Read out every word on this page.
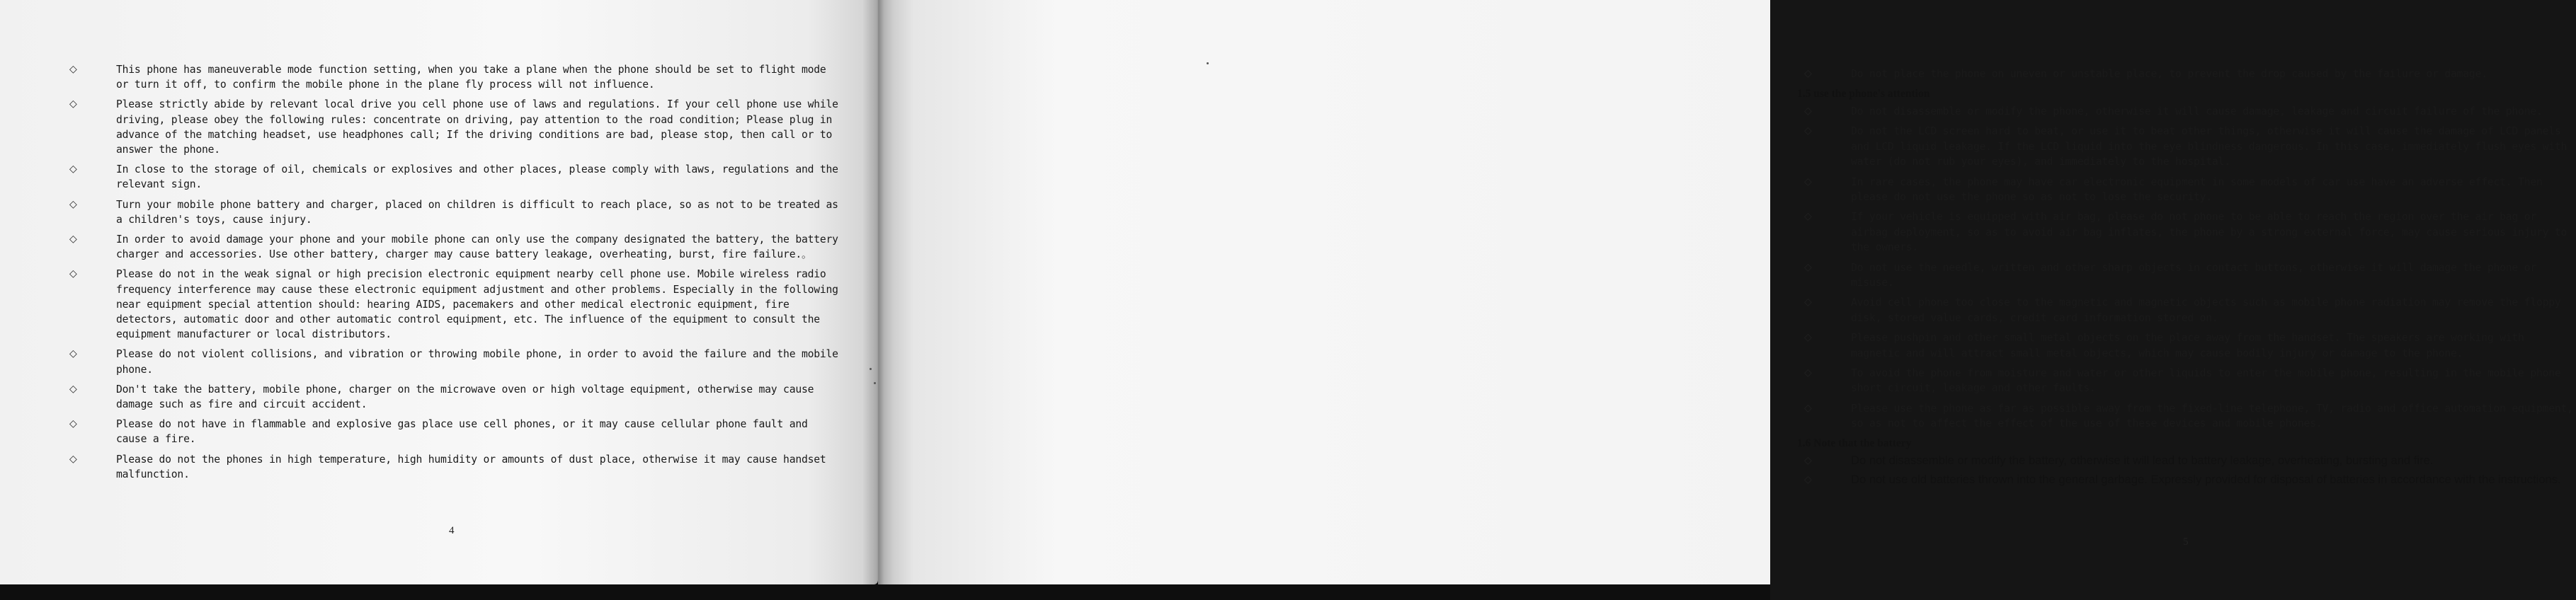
◇	This phone has maneuverable mode function setting, when you take a plane when the phone should be set to flight mode or turn it off, to confirm the mobile phone in the plane fly process will not influence.
◇	Please strictly abide by relevant local drive you cell phone use of laws and regulations. If your cell phone use while driving, please obey the following rules: concentrate on driving, pay attention to the road condition; Please plug in advance of the matching headset, use headphones call; If the driving conditions are bad, please stop, then call or to answer the phone.
◇	In close to the storage of oil, chemicals or explosives and other places, please comply with laws, regulations and the relevant sign.
◇	Turn your mobile phone battery and charger, placed on children is difficult to reach place, so as not to be treated as a children's toys, cause injury.
◇	In order to avoid damage your phone and your mobile phone can only use the company designated the battery, the battery charger and accessories. Use other battery, charger may cause battery leakage, overheating, burst, fire failure.。
◇	Please do not in the weak signal or high precision electronic equipment nearby cell phone use. Mobile wireless radio frequency interference may cause these electronic equipment adjustment and other problems. Especially in the following near equipment special attention should: hearing AIDS, pacemakers and other medical electronic equipment, fire detectors, automatic door and other automatic control equipment, etc. The influence of the equipment to consult the equipment manufacturer or local distributors.
◇	Please do not violent collisions, and vibration or throwing mobile phone, in order to avoid the failure and the mobile phone.
◇	Don't take the battery, mobile phone, charger on the microwave oven or high voltage equipment, otherwise may cause damage such as fire and circuit accident.
◇	Please do not have in flammable and explosive gas place use cell phones, or it may cause cellular phone fault and cause a fire.
◇	Please do not the phones in high temperature, high humidity or amounts of dust place, otherwise it may cause handset malfunction.
4
◇	Do not place the phone on uneven or unstable place, to prevent the drop caused by the failure or damage.
1.5 use the phone's attention
◇	Do not disassemble or modify the phone, otherwise it will cause damage, leakage and circuit failure of the phone.
◇	Do not the LCD screen hard to beat, or use it to beat other things, otherwise it will cause the damage of LCD panels and LCD liquid leakage. If the LCD liquid into the eye blindness dangerous. In this case, immediately flush eyes with water (do not rub your eyes), and immediately to the hospital.
◇	In rare cases, the phone may have car electronic equipment in some models of car use have an adverse effect. Then please do not use the phone so as not to lose the security.
◇	If your vehicle is equipped with air bag, please do not phone to be able to reach the region over the air bag or airbag deployment, so as to avoid air bag inflates, the phone by a strong external force, may cause serious injury to the owners.
◇	Do not use the needle, written and other sharp objects in contact buttons, otherwise it will damage the phone or misuse.
◇	Avoid cell phone too close to the magnetic and magnetic objects such as mobile phone radiation may remove the floppy disk, stored value cards, credit card information stored on.
◇	Please pushpin and other small metal objects on the place away from the handset. The speakers are working with magnetic and will attract small metal objects, which may cause bodily injury or damage to the phone.
◇	To avoid the phone from moisture and water or other liquids to enter the mobile phone, resulting in the mobile phone short circuit, leakage and other faults.
◇	Please use the phone as far as possible away from the fixed-line telephone, TV, radio and office automation equipment, so as not to affect the effect of the use of these devices and mobile phones.
1.6 Note that the battery
◇	Do not disassemble or modify the battery, otherwise it will lead to battery leakage, overheating, bursting and fire.
◇	Do not use​ old batteries thrown into the general garbage. Expressly provided for disposal of batteries in accordance with the instructions.
5
